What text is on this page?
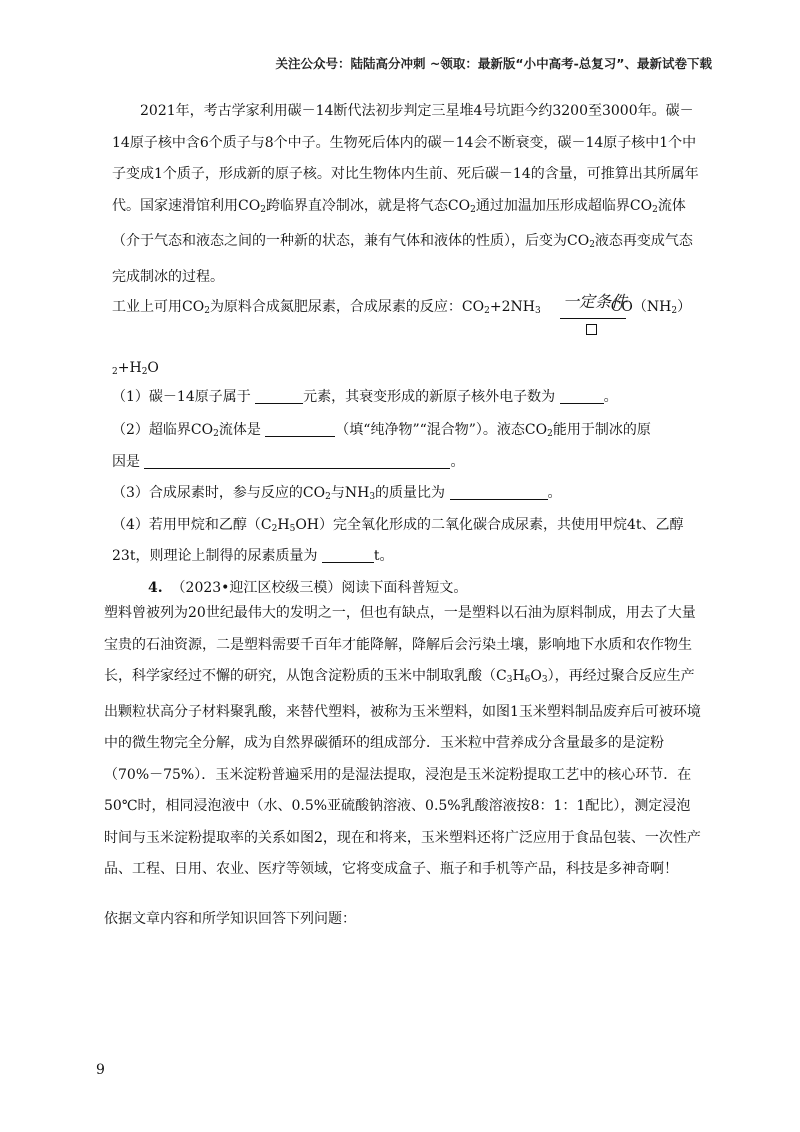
关注公众号：陆陆高分冲刺 ~领取：最新版“小中高考-总复习”、最新试卷下载
2021年，考古学家利用碳－14断代法初步判定三星堆4号坑距今约3200至3000年。碳－14原子核中含6个质子与8个中子。生物死后体内的碳－14会不断衰变，碳－14原子核中1个中子变成1个质子，形成新的原子核。对比生物体内生前、死后碳－14的含量，可推算出其所属年代。国家速滑馆利用$CO_2$跨临界直冷制冰，就是将气态$CO_2$通过加温加压形成超临界$CO_2$流体（介于气态和液态之间的一种新的状态，兼有气体和液体的性质），后变为$CO_2$液态再变成气态完成制冰的过程。
工业上可用$CO_2$为原料合成氮肥尿素，合成尿素的反应：$CO_2+2NH_3$	$CO(NH_2)$
一定条件
$_2+H_2O$
（1）碳－14原子属于	元素，其衰变形成的新原子核外电子数为	。
（2）超临界$CO_2$流体是	（填“纯净物”“混合物”）。液态$CO_2$能用于制冰的原
因是	。
（3）合成尿素时，参与反应的$CO_2$与$NH_3$的质量比为	。
（4）若用甲烷和乙醇$(C_2H_5OH)$完全氧化形成的二氧化碳合成尿素，共使用甲烷4t、乙醇
23t，则理论上制得的尿素质量为	t。
4. （2023•迎江区校级三模）阅读下面科普短文。
塑料曾被列为20世纪最伟大的发明之一，但也有缺点，一是塑料以石油为原料制成，用去了大量宝贵的石油资源，二是塑料需要千百年才能降解，降解后会污染土壤，影响地下水质和农作物生长，科学家经过不懈的研究，从饱含淀粉质的玉米中制取乳酸$(C_3H_6O_3)$，再经过聚合反应生产出颗粒状高分子材料聚乳酸，来替代塑料，被称为玉米塑料，如图1玉米塑料制品废弃后可被环境中的微生物完全分解，成为自然界碳循环的组成部分．玉米粒中营养成分含量最多的是淀粉（70%－75%）．玉米淀粉普遍采用的是湿法提取，浸泡是玉米淀粉提取工艺中的核心环节．在50℃时，相同浸泡液中（水、0.5%亚硫酸钠溶液、0.5%乳酸溶液按8：1：1配比），测定浸泡时间与玉米淀粉提取率的关系如图2，现在和将来，玉米塑料还将广泛应用于食品包装、一次性产品、工程、日用、农业、医疗等领域，它将变成盒子、瓶子和手机等产品，科技是多神奇啊！
依据文章内容和所学知识回答下列问题：
9
